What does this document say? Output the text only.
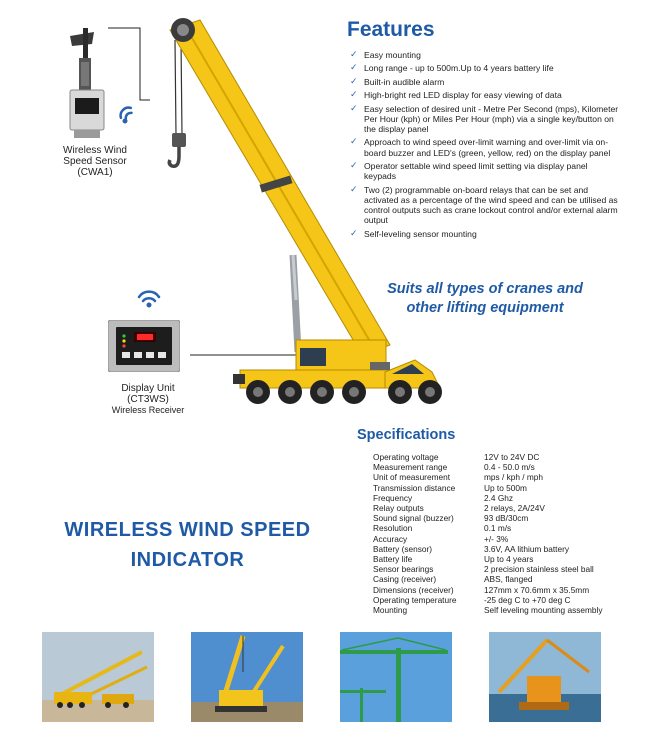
Wireless Wind
Speed Sensor
(CWA1)
Display Unit
(CT3WS)
Wireless Receiver
Features
✓ Easy mounting
✓ Long range - up to 500m.Up to 4 years battery life
✓ Built-in audible alarm
✓ High-bright red LED display for easy viewing of data
✓ Easy selection of desired unit - Metre Per Second (mps), Kilometer Per Hour (kph) or Miles Per Hour (mph) via a single key/button on the display panel
✓ Approach to wind speed over-limit warning and over-limit via on-board buzzer and LED's (green, yellow, red) on the display panel
✓ Operator settable wind speed limit setting via display panel keypads
✓ Two (2) programmable on-board relays that can be set and activated as a percentage of the wind speed and can be utilised as control outputs such as crane lockout control and/or external alarm output
✓ Self-leveling sensor mounting
Suits all types of cranes and
other lifting equipment
Specifications
Operating voltage	12V to 24V DC
Measurement range	0.4 - 50.0 m/s
Unit of measurement	mps / kph / mph
Transmission distance	Up to 500m
Frequency	2.4 Ghz
Relay outputs	2 relays, 2A/24V
Sound signal (buzzer)	93 dB/30cm
Resolution	0.1 m/s
Accuracy	+/- 3%
Battery (sensor)	3.6V, AA lithium battery
Battery life	Up to 4 years
Sensor bearings	2 precision stainless steel ball
Casing (receiver)	ABS, flanged
Dimensions (receiver)	127mm x 70.6mm x 35.5mm
Operating temperature	-25 deg C to +70 deg C
Mounting	Self leveling mounting assembly
WIRELESS WIND SPEED
INDICATOR
